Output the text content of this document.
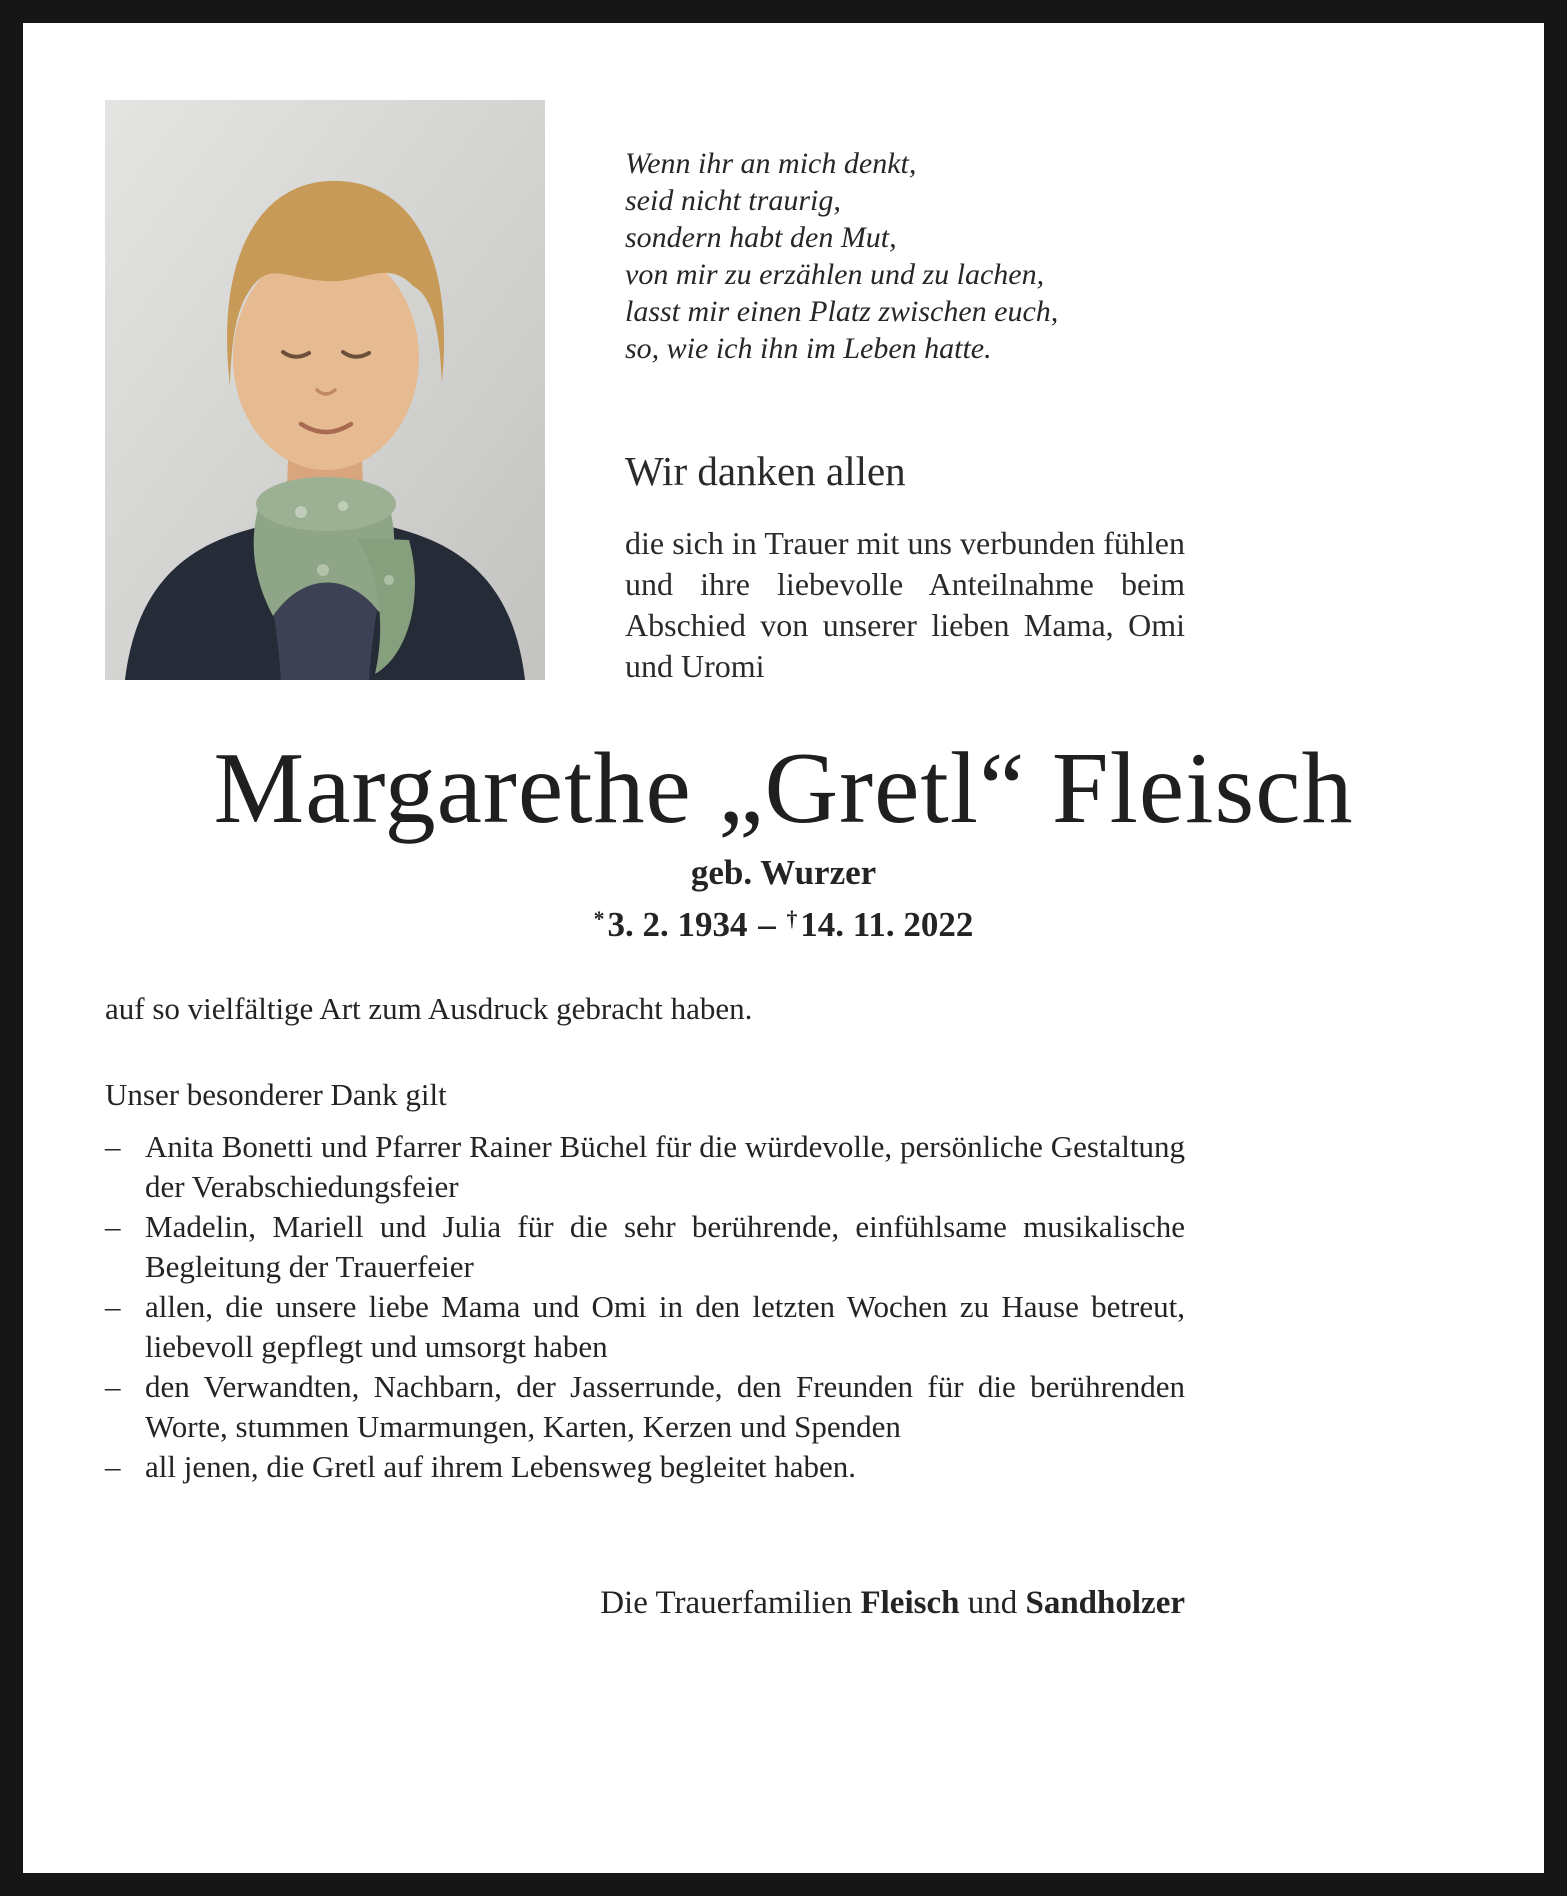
Wenn ihr an mich denkt,
seid nicht traurig,
sondern habt den Mut,
von mir zu erzählen und zu lachen,
lasst mir einen Platz zwischen euch,
so, wie ich ihn im Leben hatte.
Wir danken allen
die sich in Trauer mit uns verbunden fühlen und ihre liebevolle Anteilnahme beim Abschied von unserer lieben Mama, Omi und Uromi
Margarethe „Gretl“ Fleisch
geb. Wurzer
*3. 2. 1934 – †14. 11. 2022
auf so vielfältige Art zum Ausdruck gebracht haben.
Unser besonderer Dank gilt
– Anita Bonetti und Pfarrer Rainer Büchel für die würdevolle, persönliche Gestaltung der Verabschiedungsfeier
– Madelin, Mariell und Julia für die sehr berührende, einfühlsame musikalische Begleitung der Trauerfeier
– allen, die unsere liebe Mama und Omi in den letzten Wochen zu Hause betreut, liebevoll gepflegt und umsorgt haben
– den Verwandten, Nachbarn, der Jasserrunde, den Freunden für die berührenden Worte, stummen Umarmungen, Karten, Kerzen und Spenden
– all jenen, die Gretl auf ihrem Lebensweg begleitet haben.
Die Trauerfamilien Fleisch und Sandholzer
